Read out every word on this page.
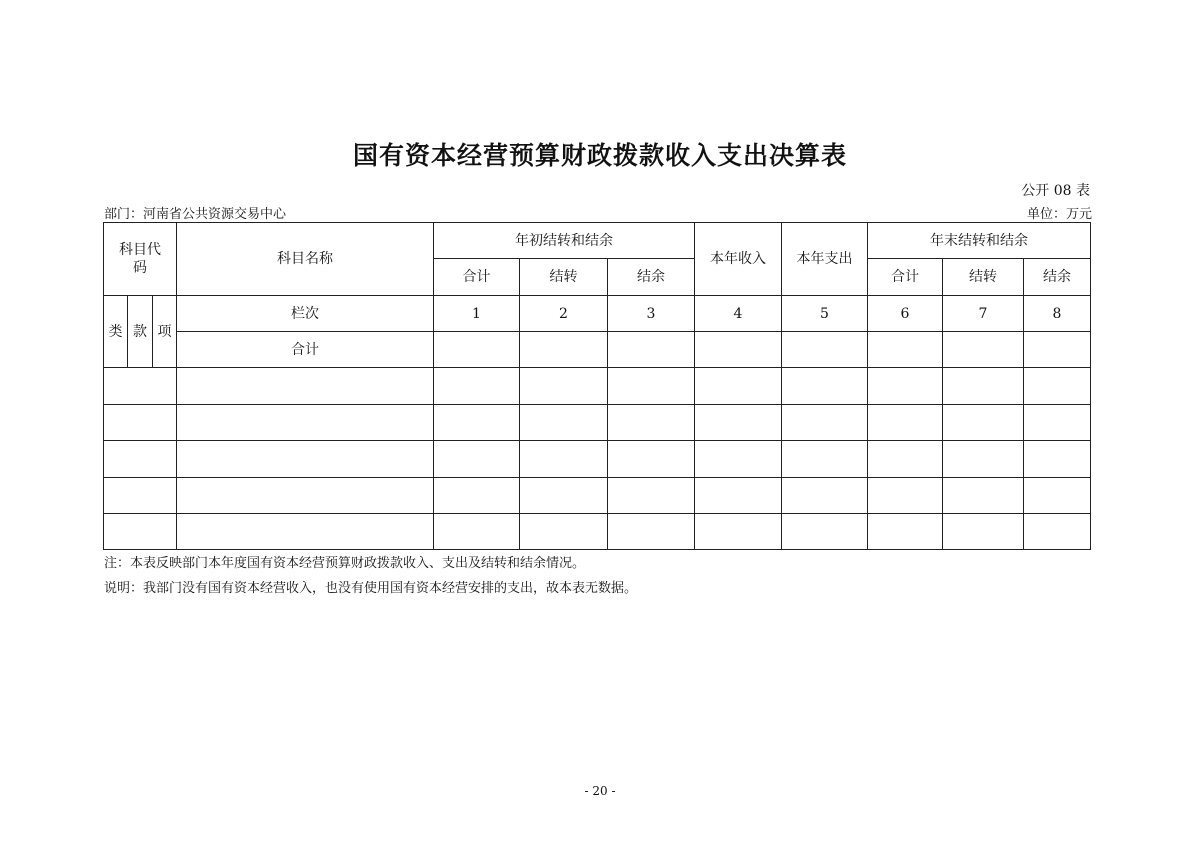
国有资本经营预算财政拨款收入支出决算表
公开 08 表
部门：河南省公共资源交易中心	单位：万元
科目代码			科目名称	年初结转和结余			本年收入	本年支出	年末结转和结余		
				合计	结转	结余			合计	结转	结余
类	款	项	栏次	1	2	3	4	5	6	7	8
			合计								

注：本表反映部门本年度国有资本经营预算财政拨款收入、支出及结转和结余情况。
说明：我部门没有国有资本经营收入，也没有使用国有资本经营安排的支出，故本表无数据。
- 20 -
